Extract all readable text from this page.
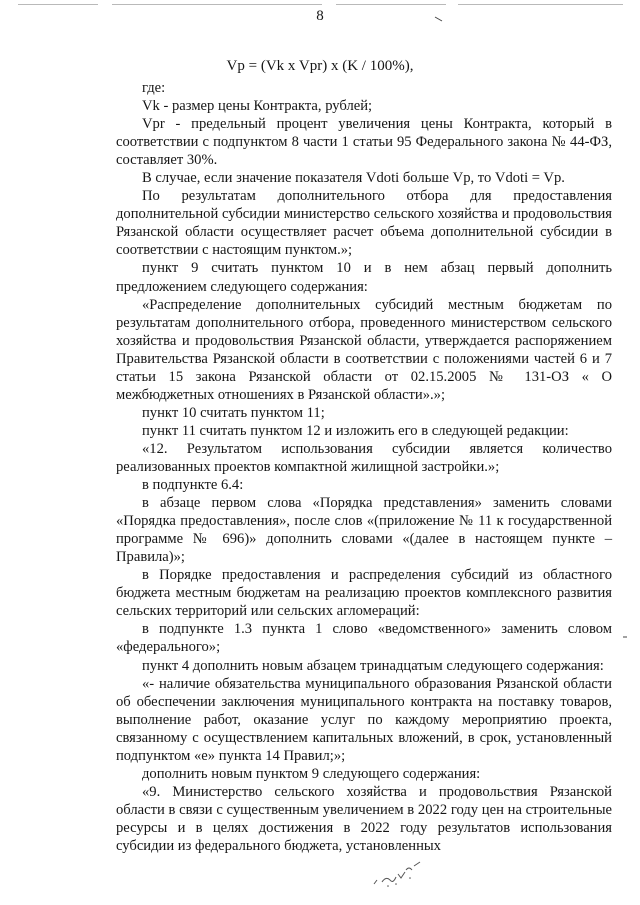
8
Vp = (Vk x Vpr) x (K / 100%),

где:

Vk - размер цены Контракта, рублей;

Vpr - предельный процент увеличения цены Контракта, который в соответствии с подпунктом 8 части 1 статьи 95 Федерального закона № 44-ФЗ, составляет 30%.

В случае, если значение показателя Vdoti больше Vp, то Vdoti = Vp.

По результатам дополнительного отбора для предоставления дополнительной субсидии министерство сельского хозяйства и продовольствия Рязанской области осуществляет расчет объема дополнительной субсидии в соответствии с настоящим пунктом.»;

пункт 9 считать пунктом 10 и в нем абзац первый дополнить предложением следующего содержания:

«Распределение дополнительных субсидий местным бюджетам по результатам дополнительного отбора, проведенного министерством сельского хозяйства и продовольствия Рязанской области, утверждается распоряжением Правительства Рязанской области в соответствии с положениями частей 6 и 7 статьи 15 закона Рязанской области от 02.15.2005 № 131-ОЗ « О межбюджетных отношениях в Рязанской области».»;

пункт 10 считать пунктом 11;

пункт 11 считать пунктом 12 и изложить его в следующей редакции:

«12. Результатом использования субсидии является количество реализованных проектов компактной жилищной застройки.»;

в подпункте 6.4:

в абзаце первом слова «Порядка представления» заменить словами «Порядка предоставления», после слов «(приложение № 11 к государственной программе № 696)» дополнить словами «(далее в настоящем пункте – Правила)»;

в Порядке предоставления и распределения субсидий из областного бюджета местным бюджетам на реализацию проектов комплексного развития сельских территорий или сельских агломераций:

в подпункте 1.3 пункта 1 слово «ведомственного» заменить словом «федерального»;

пункт 4 дополнить новым абзацем тринадцатым следующего содержания:

«- наличие обязательства муниципального образования Рязанской области об обеспечении заключения муниципального контракта на поставку товаров, выполнение работ, оказание услуг по каждому мероприятию проекта, связанному с осуществлением капитальных вложений, в срок, установленный подпунктом «е» пункта 14 Правил;»;

дополнить новым пунктом 9 следующего содержания:

«9. Министерство сельского хозяйства и продовольствия Рязанской области в связи с существенным увеличением в 2022 году цен на строительные ресурсы и в целях достижения в 2022 году результатов использования субсидии из федерального бюджета, установленных
